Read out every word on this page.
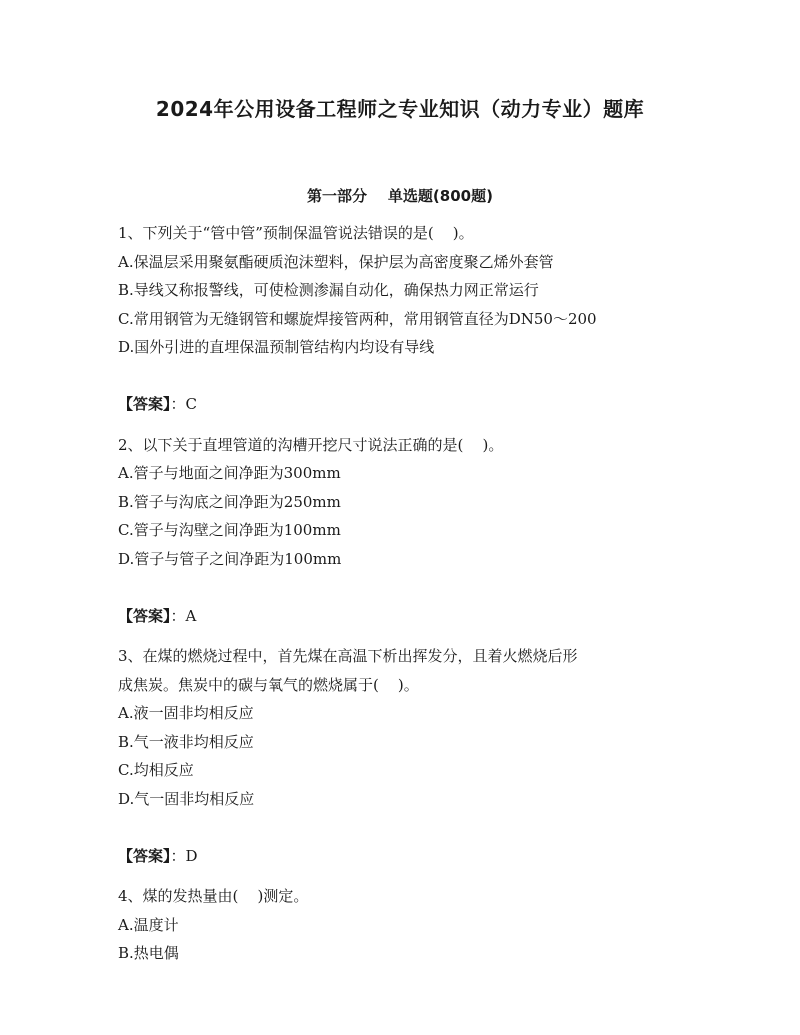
2024年公用设备工程师之专业知识（动力专业）题库
第一部分    单选题(800题)

1、下列关于“管中管”预制保温管说法错误的是(    )。

A.保温层采用聚氨酯硬质泡沫塑料，保护层为高密度聚乙烯外套管
B.导线又称报警线，可使检测渗漏自动化，确保热力网正常运行
C.常用钢管为无缝钢管和螺旋焊接管两种，常用钢管直径为DN50～200
D.国外引进的直埋保温预制管结构内均设有导线

【答案】：C

2、以下关于直埋管道的沟槽开挖尺寸说法正确的是(    )。

A.管子与地面之间净距为300mm
B.管子与沟底之间净距为250mm
C.管子与沟壁之间净距为100mm
D.管子与管子之间净距为100mm

【答案】：A

3、在煤的燃烧过程中，首先煤在高温下析出挥发分，且着火燃烧后形

成焦炭。焦炭中的碳与氧气的燃烧属于(    )。

A.液一固非均相反应
B.气一液非均相反应
C.均相反应
D.气一固非均相反应

【答案】：D

4、煤的发热量由(    )测定。

A.温度计
B.热电偶
